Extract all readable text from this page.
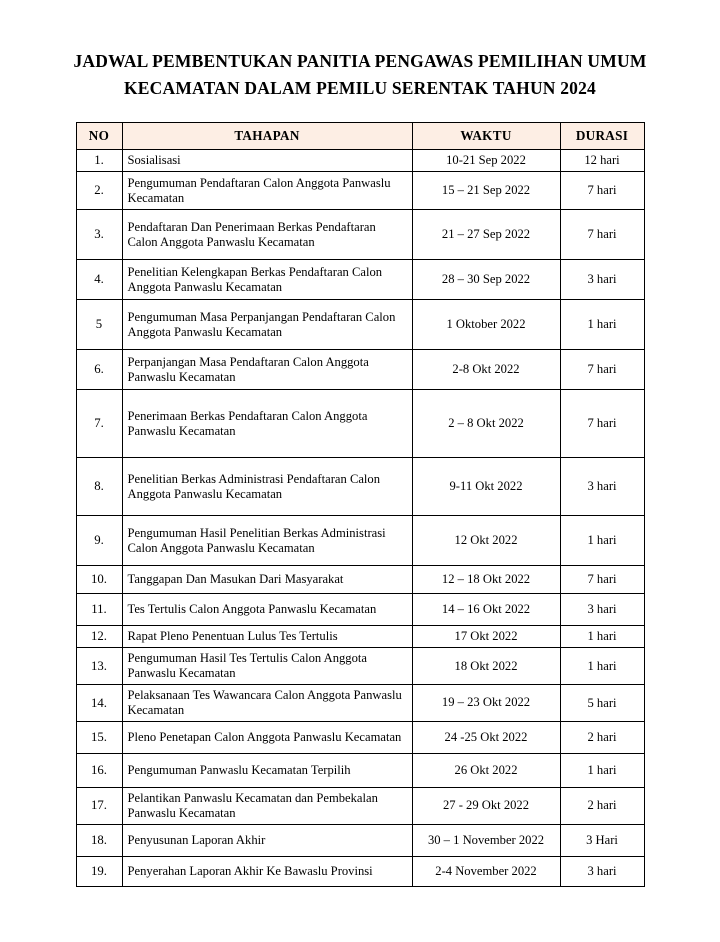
JADWAL PEMBENTUKAN PANITIA PENGAWAS PEMILIHAN UMUM
KECAMATAN DALAM PEMILU SERENTAK TAHUN 2024
NO	TAHAPAN	WAKTU	DURASI
1.	Sosialisasi	10-21 Sep 2022	12 hari
2.	Pengumuman Pendaftaran Calon Anggota Panwaslu Kecamatan	15 – 21 Sep 2022	7 hari
3.	Pendaftaran Dan Penerimaan Berkas Pendaftaran Calon Anggota Panwaslu Kecamatan	21 – 27 Sep 2022	7 hari
4.	Penelitian Kelengkapan Berkas Pendaftaran Calon Anggota Panwaslu Kecamatan	28 – 30 Sep 2022	3 hari
5	Pengumuman Masa Perpanjangan Pendaftaran Calon Anggota Panwaslu Kecamatan	1 Oktober 2022	1 hari
6.	Perpanjangan Masa Pendaftaran Calon Anggota Panwaslu Kecamatan	2-8 Okt 2022	7 hari
7.	Penerimaan Berkas Pendaftaran Calon Anggota Panwaslu Kecamatan	2 – 8 Okt 2022	7 hari
8.	Penelitian Berkas Administrasi Pendaftaran Calon Anggota Panwaslu Kecamatan	9-11 Okt 2022	3 hari
9.	Pengumuman Hasil Penelitian Berkas Administrasi Calon Anggota Panwaslu Kecamatan	12 Okt 2022	1 hari
10.	Tanggapan Dan Masukan Dari Masyarakat	12 – 18 Okt 2022	7 hari
11.	Tes Tertulis Calon Anggota Panwaslu Kecamatan	14 – 16 Okt 2022	3 hari
12.	Rapat Pleno Penentuan Lulus Tes Tertulis	17 Okt 2022	1 hari
13.	Pengumuman Hasil Tes Tertulis Calon Anggota Panwaslu Kecamatan	18 Okt 2022	1 hari
14.	Pelaksanaan Tes Wawancara Calon Anggota Panwaslu Kecamatan	19 – 23 Okt 2022	5 hari
15.	Pleno Penetapan Calon Anggota Panwaslu Kecamatan	24 -25 Okt 2022	2 hari
16.	Pengumuman Panwaslu Kecamatan Terpilih	26 Okt 2022	1 hari
17.	Pelantikan Panwaslu Kecamatan dan Pembekalan Panwaslu Kecamatan	27 - 29 Okt 2022	2 hari
18.	Penyusunan Laporan Akhir	30 – 1 November 2022	3 Hari
19.	Penyerahan Laporan Akhir Ke Bawaslu Provinsi	2-4 November 2022	3 hari
